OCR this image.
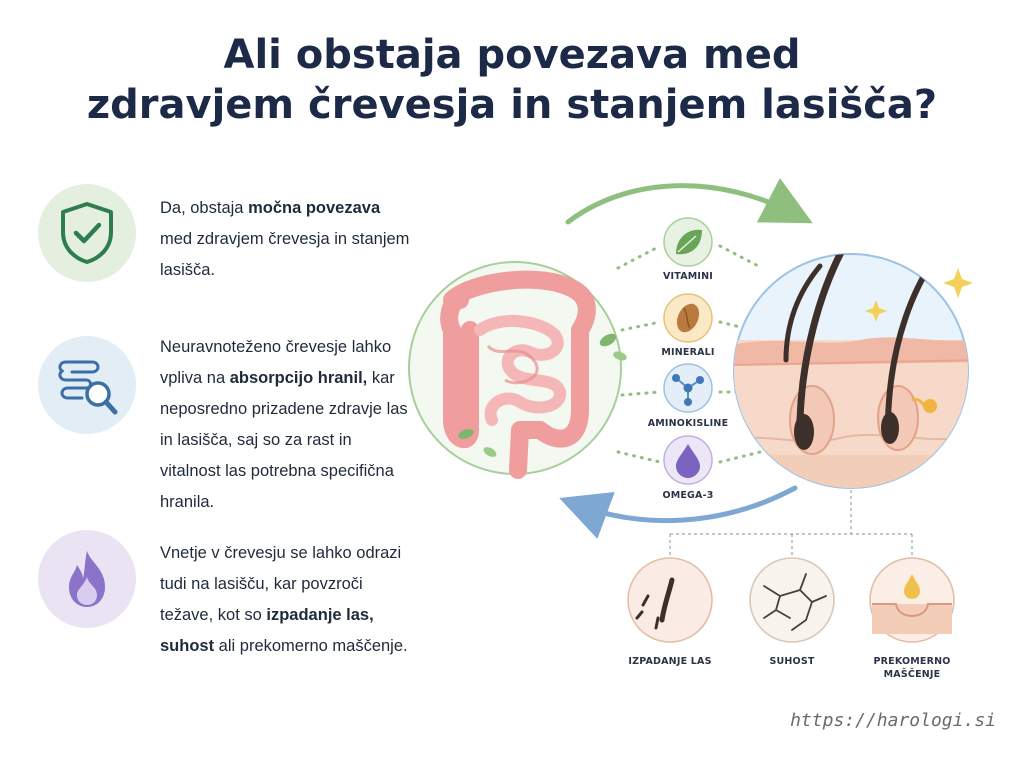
Ali obstaja povezava med
zdravjem črevesja in stanjem lasišča?
Da, obstaja močna povezava med zdravjem črevesja in stanjem lasišča.
Neuravnoteženo črevesje lahko vpliva na absorpcijo hranil, kar neposredno prizadene zdravje las in lasišča, saj so za rast in vitalnost las potrebna specifična hranila.
Vnetje v črevesju se lahko odrazi tudi na lasišču, kar povzroči težave, kot so izpadanje las, suhost ali prekomerno maščenje.
VITAMINI
MINERALI
AMINOKISLINE
OMEGA-3
IZPADANJE LAS	SUHOST	PREKOMERNO MAŠČENJE
https://harologi.si
